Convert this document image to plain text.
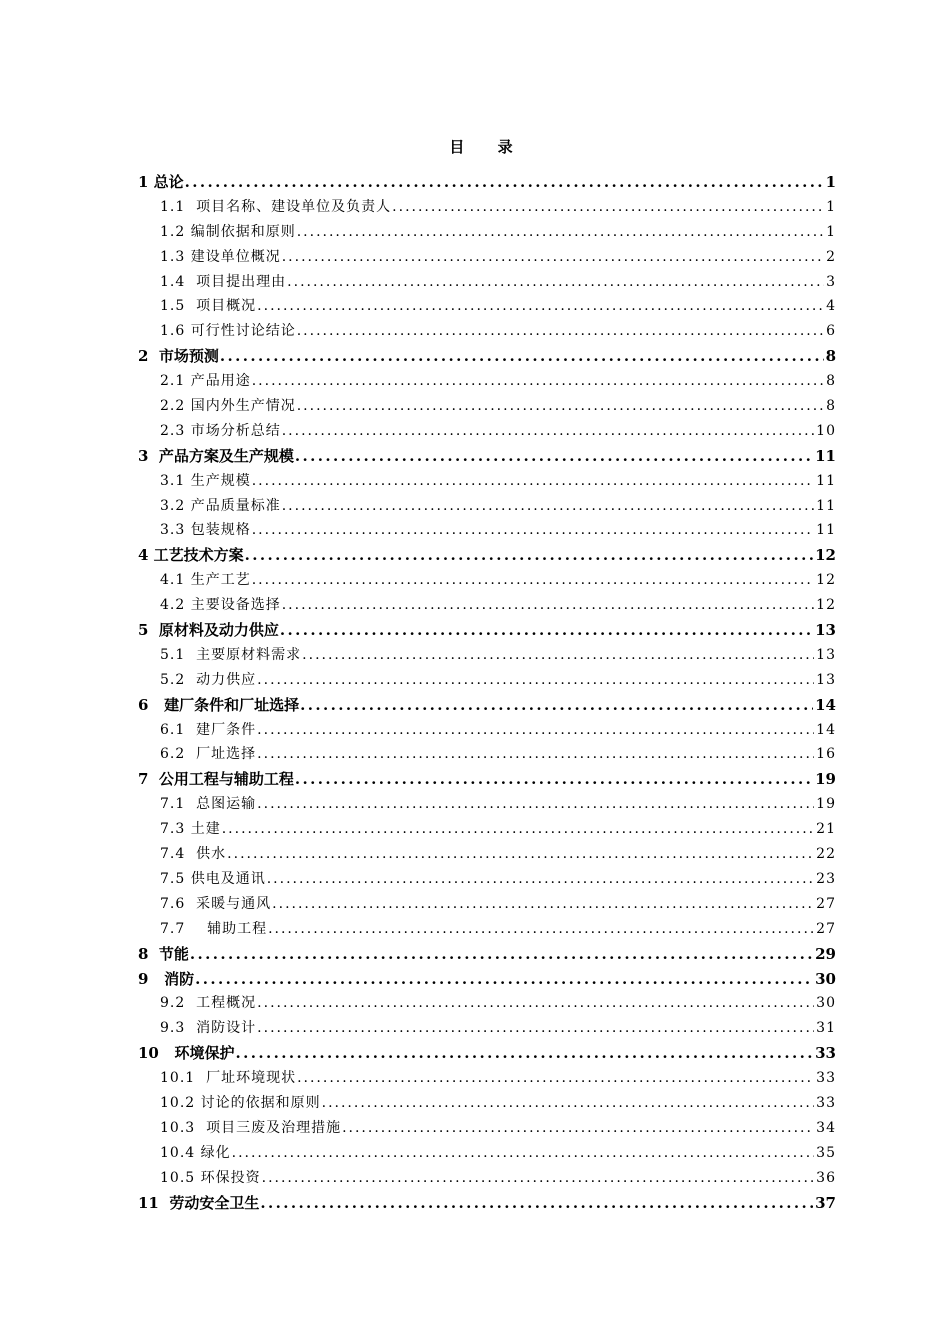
目 录
1 总论 .....	1
1.1  项目名称、建设单位及负责人 .....	1
1.2 编制依据和原则 .....	1
1.3 建设单位概况 .....	2
1.4  项目提出理由 .....	3
1.5  项目概况 .....	4
1.6 可行性讨论结论 .....	6
2  市场预测 .....	8
2.1 产品用途 .....	8
2.2 国内外生产情况 .....	8
2.3 市场分析总结 .....	10
3  产品方案及生产规模 .....	11
3.1 生产规模 .....	11
3.2 产品质量标准 .....	11
3.3 包装规格 .....	11
4 工艺技术方案 .....	12
4.1 生产工艺 .....	12
4.2 主要设备选择 .....	12
5  原材料及动力供应 .....	13
5.1  主要原材料需求 .....	13
5.2  动力供应 .....	13
6   建厂条件和厂址选择 .....	14
6.1  建厂条件 .....	14
6.2  厂址选择 .....	16
7  公用工程与辅助工程 .....	19
7.1  总图运输 .....	19
7.3 土建 .....	21
7.4  供水 .....	22
7.5 供电及通讯 .....	23
7.6  采暖与通风 .....	27
7.7    辅助工程 .....	27
8  节能 .....	29
9   消防 .....	30
9.2  工程概况 .....	30
9.3  消防设计 .....	31
10   环境保护 .....	33
10.1  厂址环境现状 .....	33
10.2 讨论的依据和原则 .....	33
10.3  项目三废及治理措施 .....	34
10.4 绿化 .....	35
10.5 环保投资 .....	36
11  劳动安全卫生 .....	37
